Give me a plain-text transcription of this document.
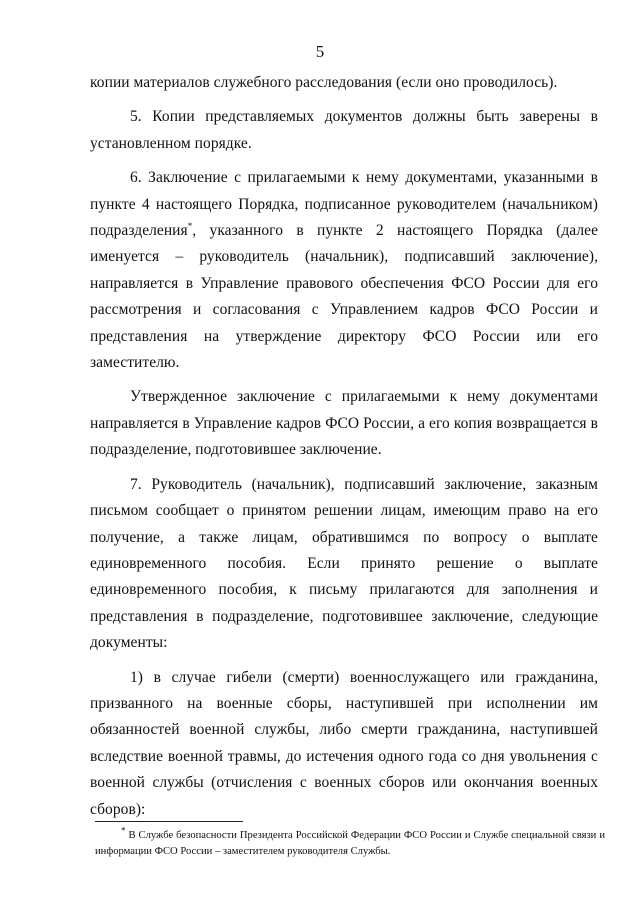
5

копии материалов служебного расследования (если оно проводилось).

5. Копии представляемых документов должны быть заверены в установленном порядке.

6. Заключение с прилагаемыми к нему документами, указанными в пункте 4 настоящего Порядка, подписанное руководителем (начальником) подразделения*, указанного в пункте 2 настоящего Порядка (далее именуется – руководитель (начальник), подписавший заключение), направляется в Управление правового обеспечения ФСО России для его рассмотрения и согласования с Управлением кадров ФСО России и представления на утверждение директору ФСО России или его заместителю.

Утвержденное заключение с прилагаемыми к нему документами направляется в Управление кадров ФСО России, а его копия возвращается в подразделение, подготовившее заключение.

7. Руководитель (начальник), подписавший заключение, заказным письмом сообщает о принятом решении лицам, имеющим право на его получение, а также лицам, обратившимся по вопросу о выплате единовременного пособия. Если принято решение о выплате единовременного пособия, к письму прилагаются для заполнения и представления в подразделение, подготовившее заключение, следующие документы:

1) в случае гибели (смерти) военнослужащего или гражданина, призванного на военные сборы, наступившей при исполнении им обязанностей военной службы, либо смерти гражданина, наступившей вследствие военной травмы, до истечения одного года со дня увольнения с военной службы (отчисления с военных сборов или окончания военных сборов):

* В Службе безопасности Президента Российской Федерации ФСО России и Службе специальной связи и информации ФСО России – заместителем руководителя Службы.
